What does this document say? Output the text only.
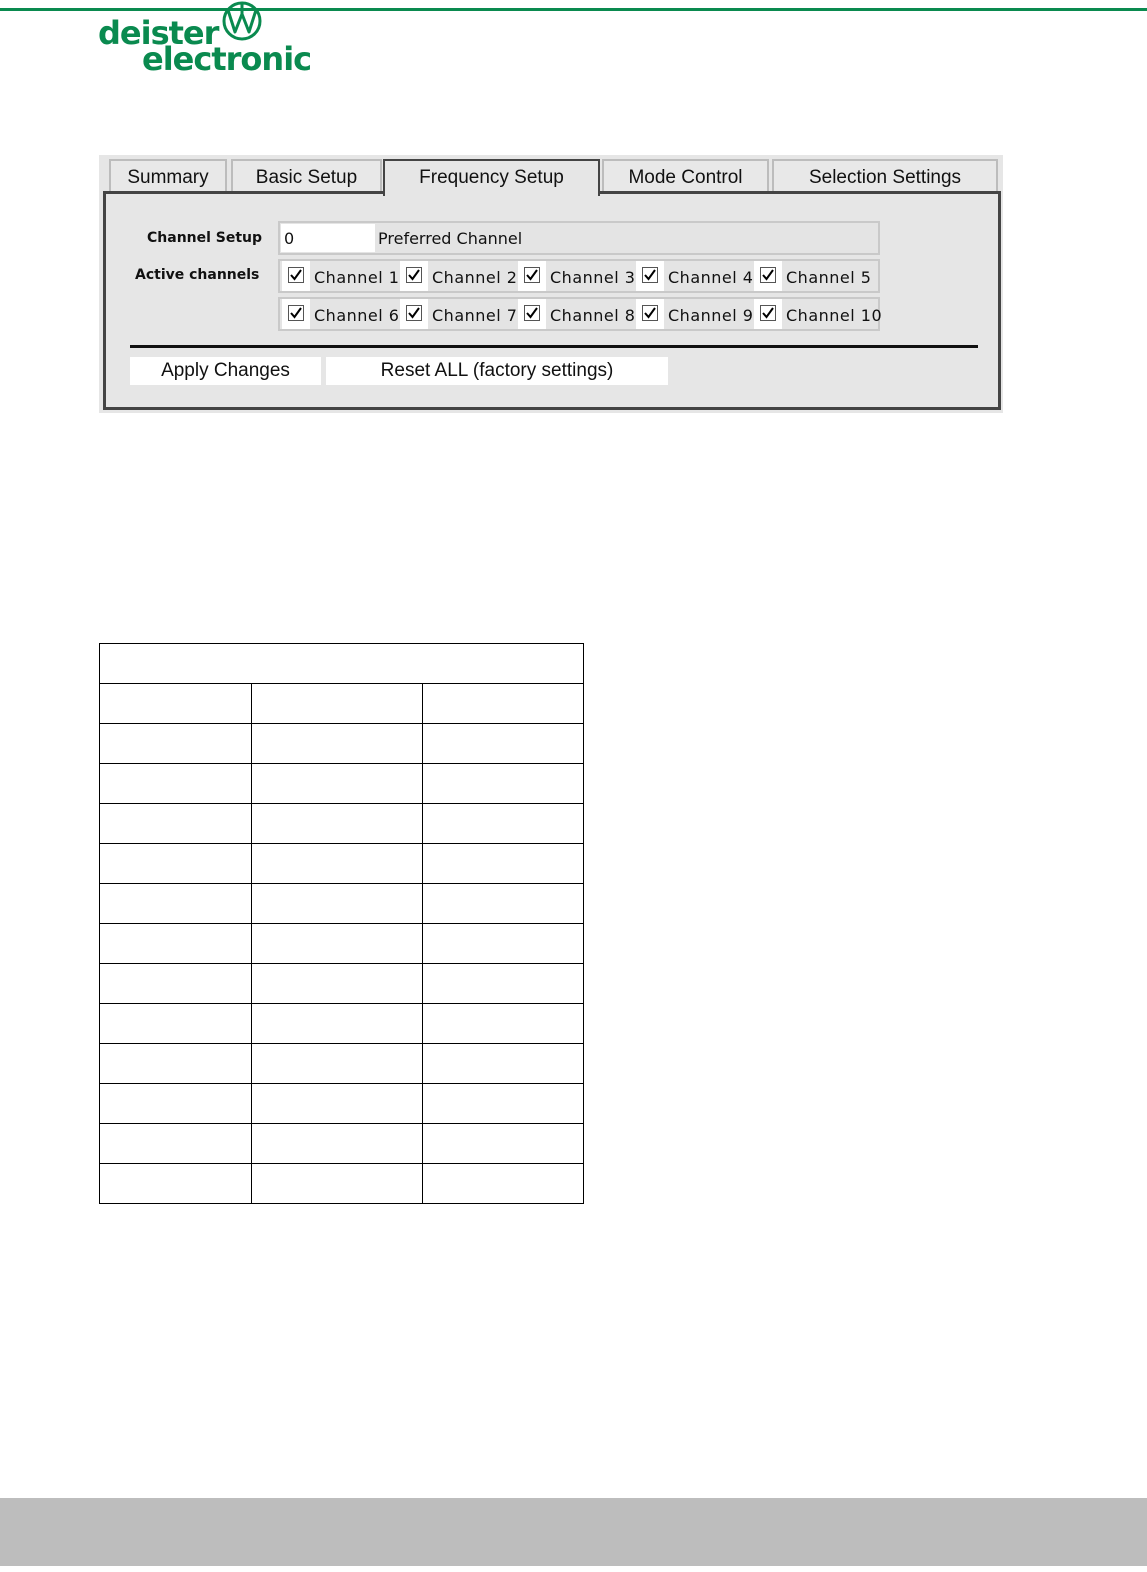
deister
electronic
Summary	Basic Setup	Frequency Setup	Mode Control	Selection Settings
Channel Setup
0	Preferred Channel
Active channels	Channel 1 Channel 2 Channel 3 Channel 4 Channel 5
Channel 6 Channel 7 Channel 8 Channel 9 Channel 10
Apply Changes	Reset ALL (factory settings)
